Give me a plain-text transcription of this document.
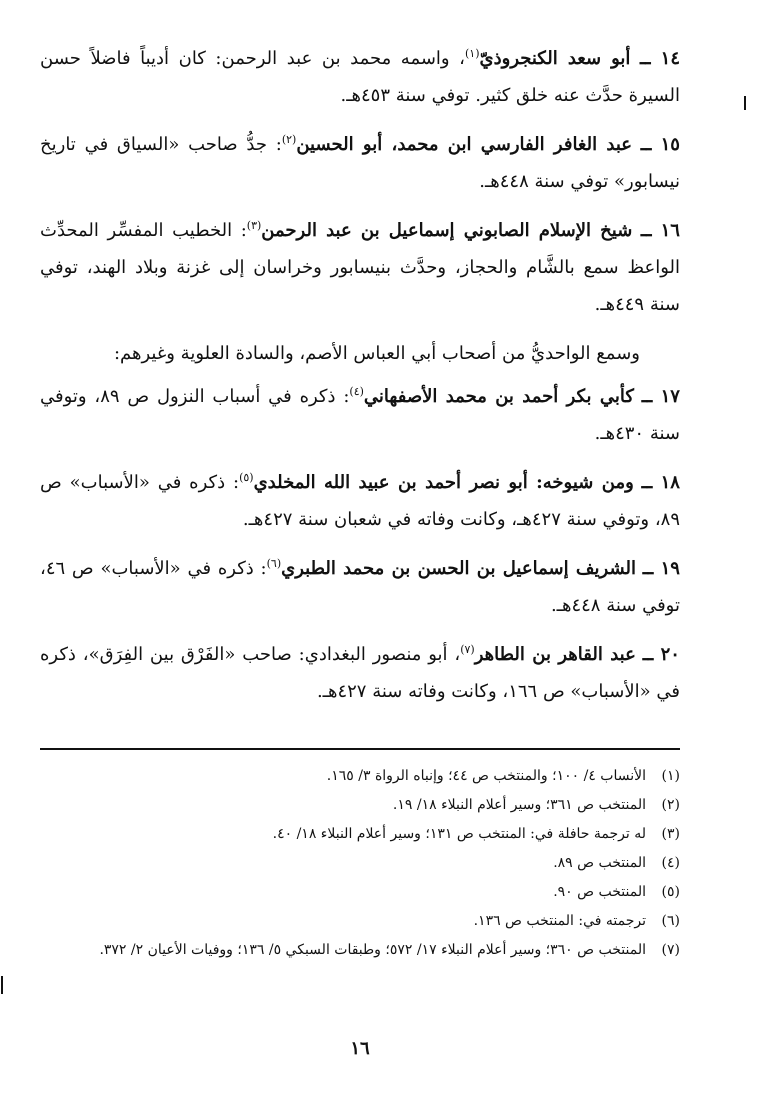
١٤ ــ أبو سعد الكنجروذيّ$^{(١)}$، واسمه محمد بن عبد الرحمن: كان أديباً فاضلاً حسن السيرة حدَّث عنه خلق كثير. توفي سنة ٤٥٣هـ.

١٥ ــ عبد الغافر الفارسي ابن محمد، أبو الحسين$^{(٢)}$: جدُّ صاحب «السياق في تاريخ نيسابور» توفي سنة ٤٤٨هـ.

١٦ ــ شيخ الإسلام الصابوني إسماعيل بن عبد الرحمن$^{(٣)}$: الخطيب المفسِّر المحدِّث الواعظ سمع بالشَّام والحجاز، وحدَّث بنيسابور وخراسان إلى غزنة وبلاد الهند، توفي سنة ٤٤٩هـ.

وسمع الواحديُّ من أصحاب أبي العباس الأصم، والسادة العلوية وغيرهم:

١٧ ــ كأبي بكر أحمد بن محمد الأصفهاني$^{(٤)}$: ذكره في أسباب النزول ص ٨٩، وتوفي سنة ٤٣٠هـ.

١٨ ــ ومن شيوخه: أبو نصر أحمد بن عبيد الله المخلدي$^{(٥)}$: ذكره في «الأسباب» ص ٨٩، وتوفي سنة ٤٢٧هـ، وكانت وفاته في شعبان سنة ٤٢٧هـ.

١٩ ــ الشريف إسماعيل بن الحسن بن محمد الطبري$^{(٦)}$: ذكره في «الأسباب» ص ٤٦، توفي سنة ٤٤٨هـ.

٢٠ ــ عبد القاهر بن الطاهر$^{(٧)}$، أبو منصور البغدادي: صاحب «الفَرْق بين الفِرَق»، ذكره في «الأسباب» ص ١٦٦، وكانت وفاته سنة ٤٢٧هـ.

(١)
الأنساب ٤/ ١٠٠؛ والمنتخب ص ٤٤؛ وإنباه الرواة ٣/ ١٦٥.
(٢)
المنتخب ص ٣٦١؛ وسير أعلام النبلاء ١٨/ ١٩.
(٣)
له ترجمة حافلة في: المنتخب ص ١٣١؛ وسير أعلام النبلاء ١٨/ ٤٠.
(٤)
المنتخب ص ٨٩.
(٥)
المنتخب ص ٩٠.
(٦)
ترجمته في: المنتخب ص ١٣٦.
(٧)
المنتخب ص ٣٦٠؛ وسير أعلام النبلاء ١٧/ ٥٧٢؛ وطبقات السبكي ٥/ ١٣٦؛ ووفيات الأعيان ٢/ ٣٧٢.
١٦
